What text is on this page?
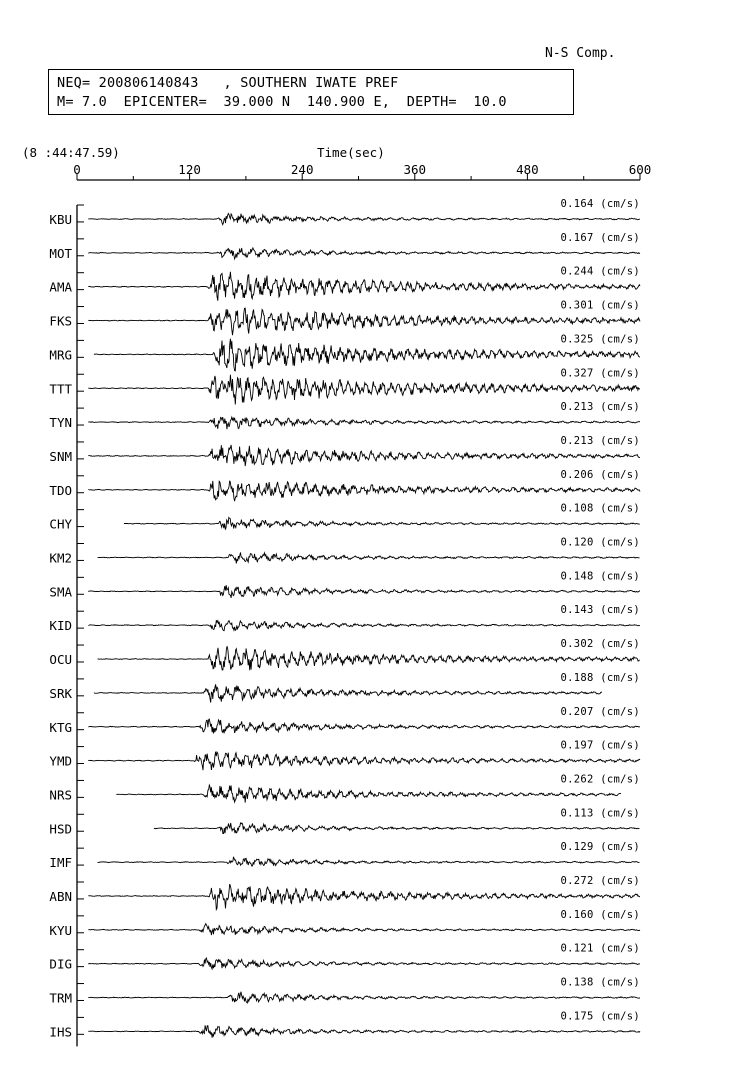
N-S Comp.
NEQ= 200806140843   , SOUTHERN IWATE PREF
M= 7.0  EPICENTER=  39.000 N  140.900 E,  DEPTH=  10.0
(8 :44:47.59)	Time(sec)
0	120	240	360	480	600
KBU
0.164 (cm/s)
MOT
0.167 (cm/s)
AMA
0.244 (cm/s)
FKS
0.301 (cm/s)
MRG
0.325 (cm/s)
TTT
0.327 (cm/s)
TYN
0.213 (cm/s)
SNM
0.213 (cm/s)
TDO
0.206 (cm/s)
CHY
0.108 (cm/s)
KM2
0.120 (cm/s)
SMA
0.148 (cm/s)
KID
0.143 (cm/s)
OCU
0.302 (cm/s)
SRK
0.188 (cm/s)
KTG
0.207 (cm/s)
YMD
0.197 (cm/s)
NRS
0.262 (cm/s)
HSD
0.113 (cm/s)
IMF
0.129 (cm/s)
ABN
0.272 (cm/s)
KYU
0.160 (cm/s)
DIG
0.121 (cm/s)
TRM
0.138 (cm/s)
IHS
0.175 (cm/s)
